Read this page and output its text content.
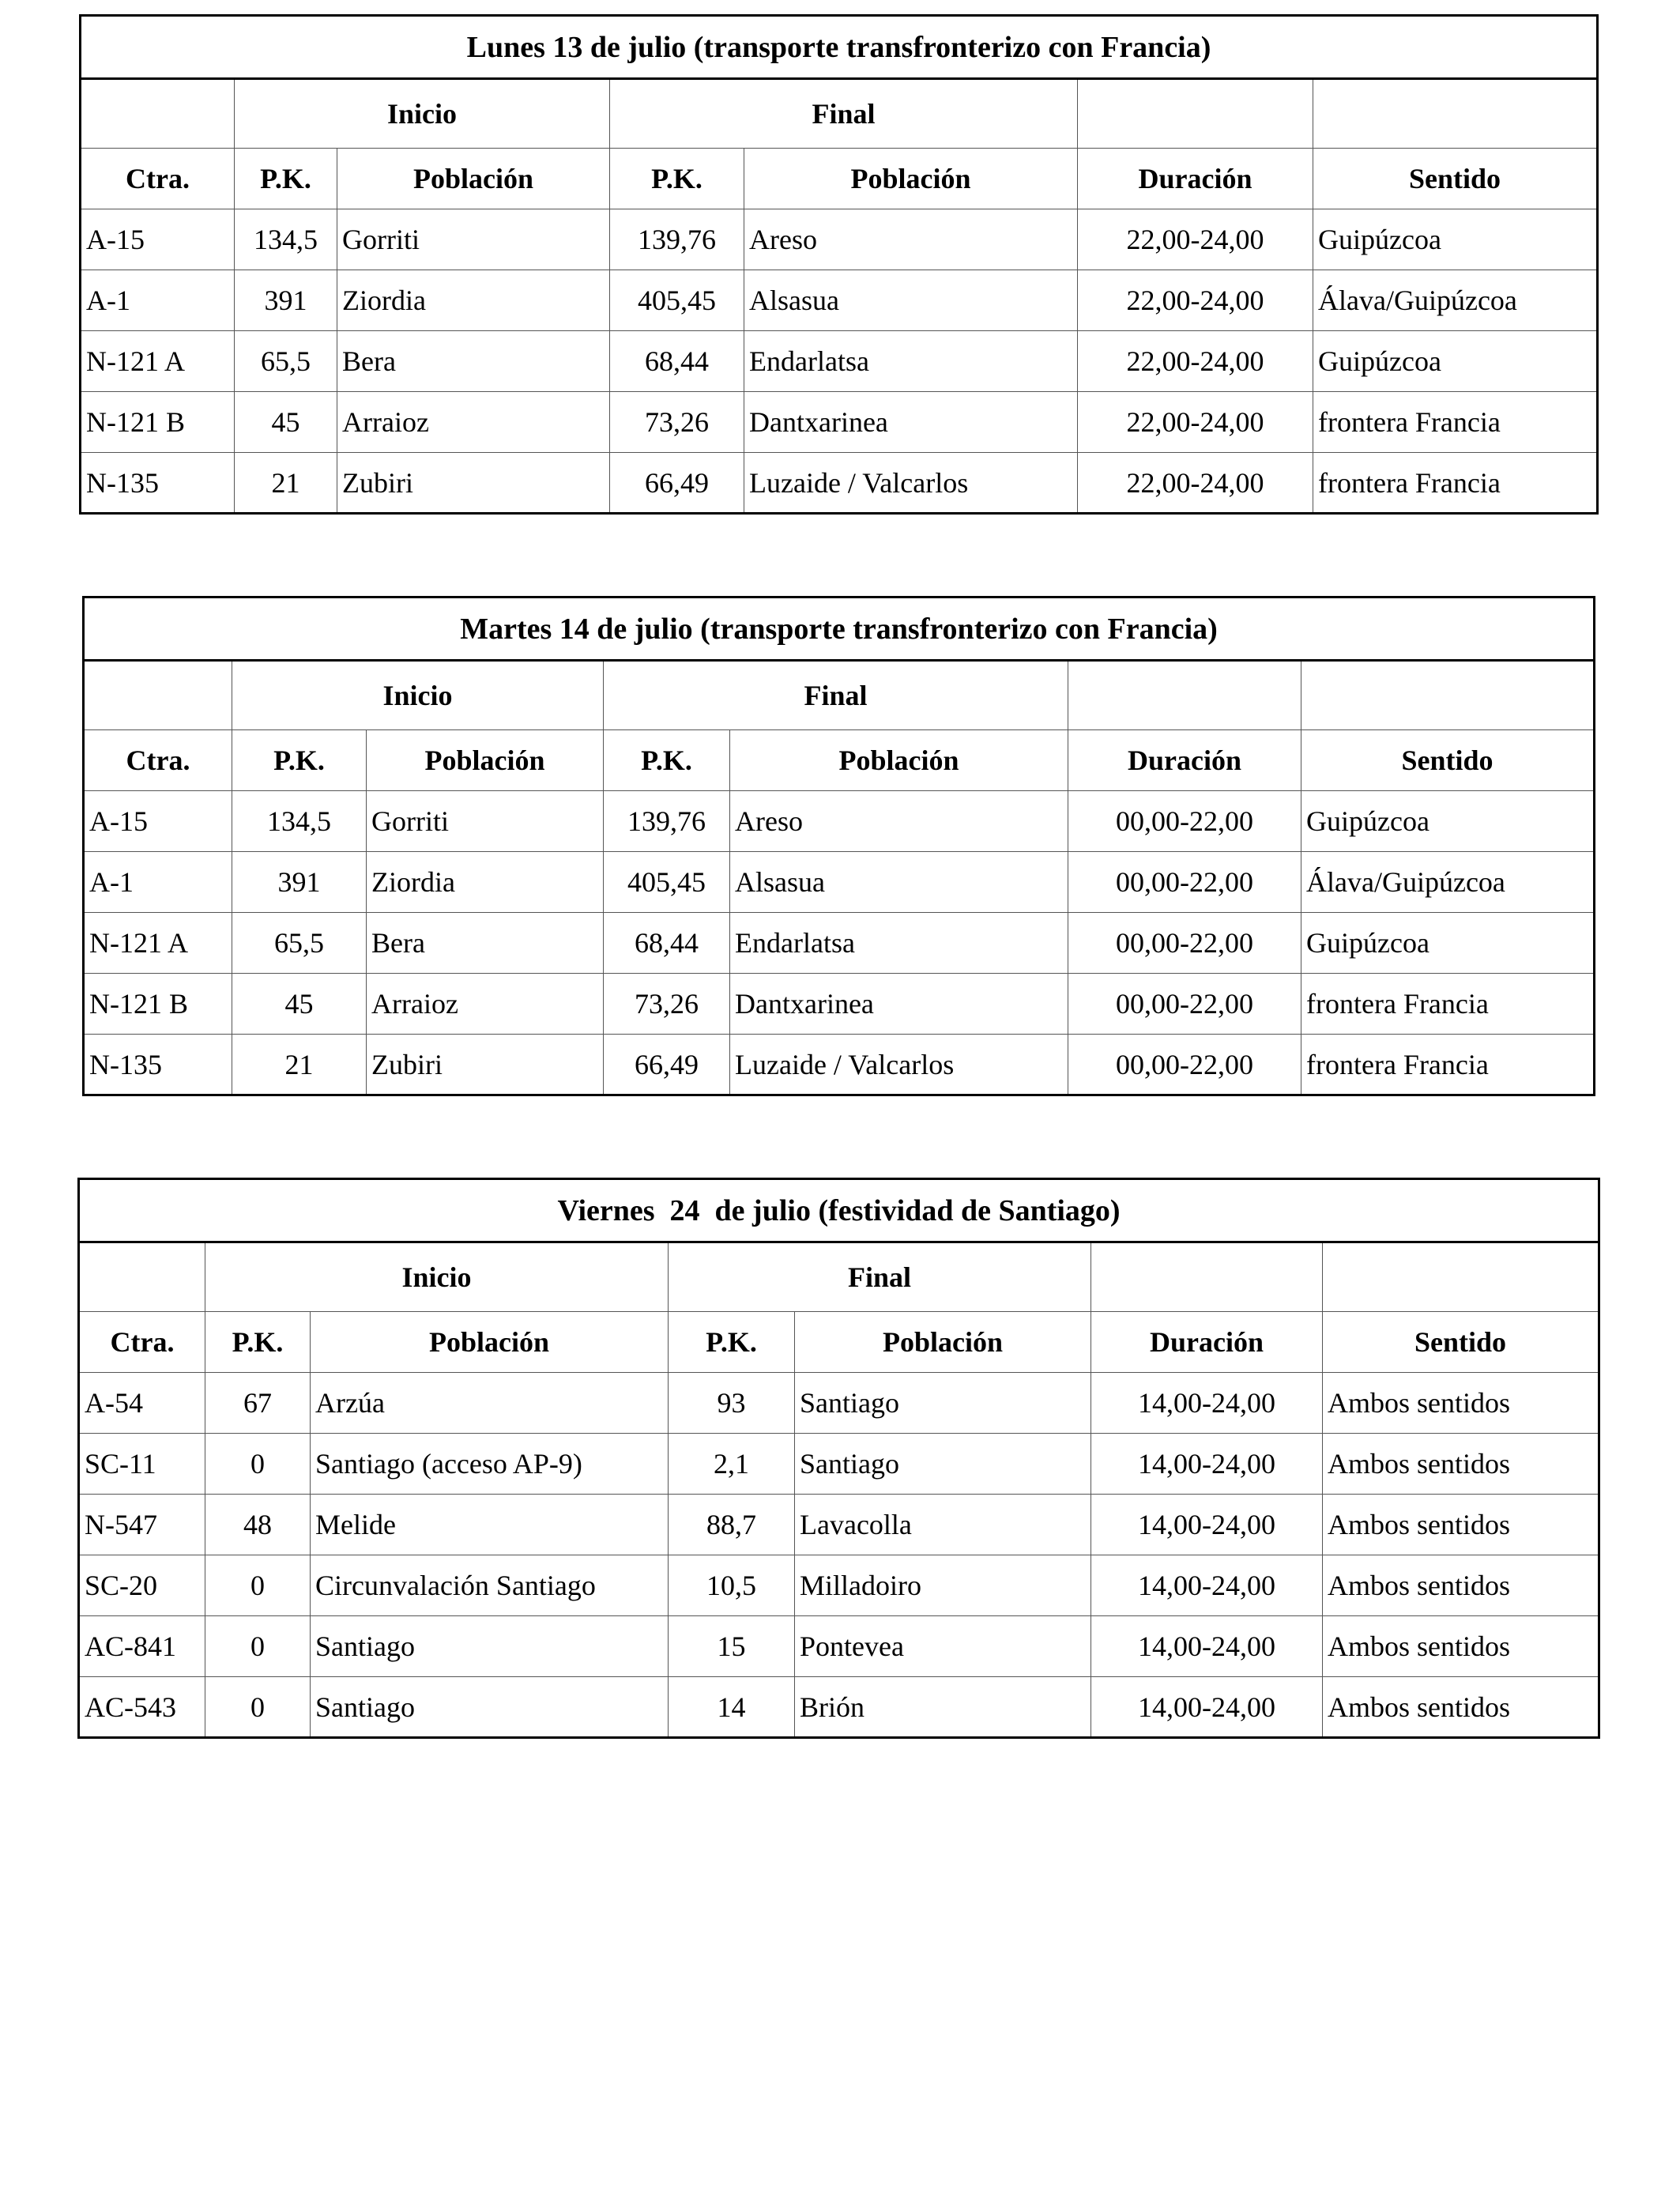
Lunes 13 de julio (transporte transfronterizo con Francia)						
	Inicio		Final			
Ctra.	P.K.	Población	P.K.	Población	Duración	Sentido
A-15	134,5	Gorriti	139,76	Areso	22,00-24,00	Guipúzcoa
A-1	391	Ziordia	405,45	Alsasua	22,00-24,00	Álava/Guipúzcoa
N-121 A	65,5	Bera	68,44	Endarlatsa	22,00-24,00	Guipúzcoa
N-121 B	45	Arraioz	73,26	Dantxarinea	22,00-24,00	frontera Francia
N-135	21	Zubiri	66,49	Luzaide / Valcarlos	22,00-24,00	frontera Francia
Martes 14 de julio (transporte transfronterizo con Francia)						
	Inicio		Final			
Ctra.	P.K.	Población	P.K.	Población	Duración	Sentido
A-15	134,5	Gorriti	139,76	Areso	00,00-22,00	Guipúzcoa
A-1	391	Ziordia	405,45	Alsasua	00,00-22,00	Álava/Guipúzcoa
N-121 A	65,5	Bera	68,44	Endarlatsa	00,00-22,00	Guipúzcoa
N-121 B	45	Arraioz	73,26	Dantxarinea	00,00-22,00	frontera Francia
N-135	21	Zubiri	66,49	Luzaide / Valcarlos	00,00-22,00	frontera Francia
Viernes  24  de julio (festividad de Santiago)						
	Inicio		Final			
Ctra.	P.K.	Población	P.K.	Población	Duración	Sentido
A-54	67	Arzúa	93	Santiago	14,00-24,00	Ambos sentidos
SC-11	0	Santiago (acceso AP-9)	2,1	Santiago	14,00-24,00	Ambos sentidos
N-547	48	Melide	88,7	Lavacolla	14,00-24,00	Ambos sentidos
SC-20	0	Circunvalación Santiago	10,5	Milladoiro	14,00-24,00	Ambos sentidos
AC-841	0	Santiago	15	Pontevea	14,00-24,00	Ambos sentidos
AC-543	0	Santiago	14	Brión	14,00-24,00	Ambos sentidos
